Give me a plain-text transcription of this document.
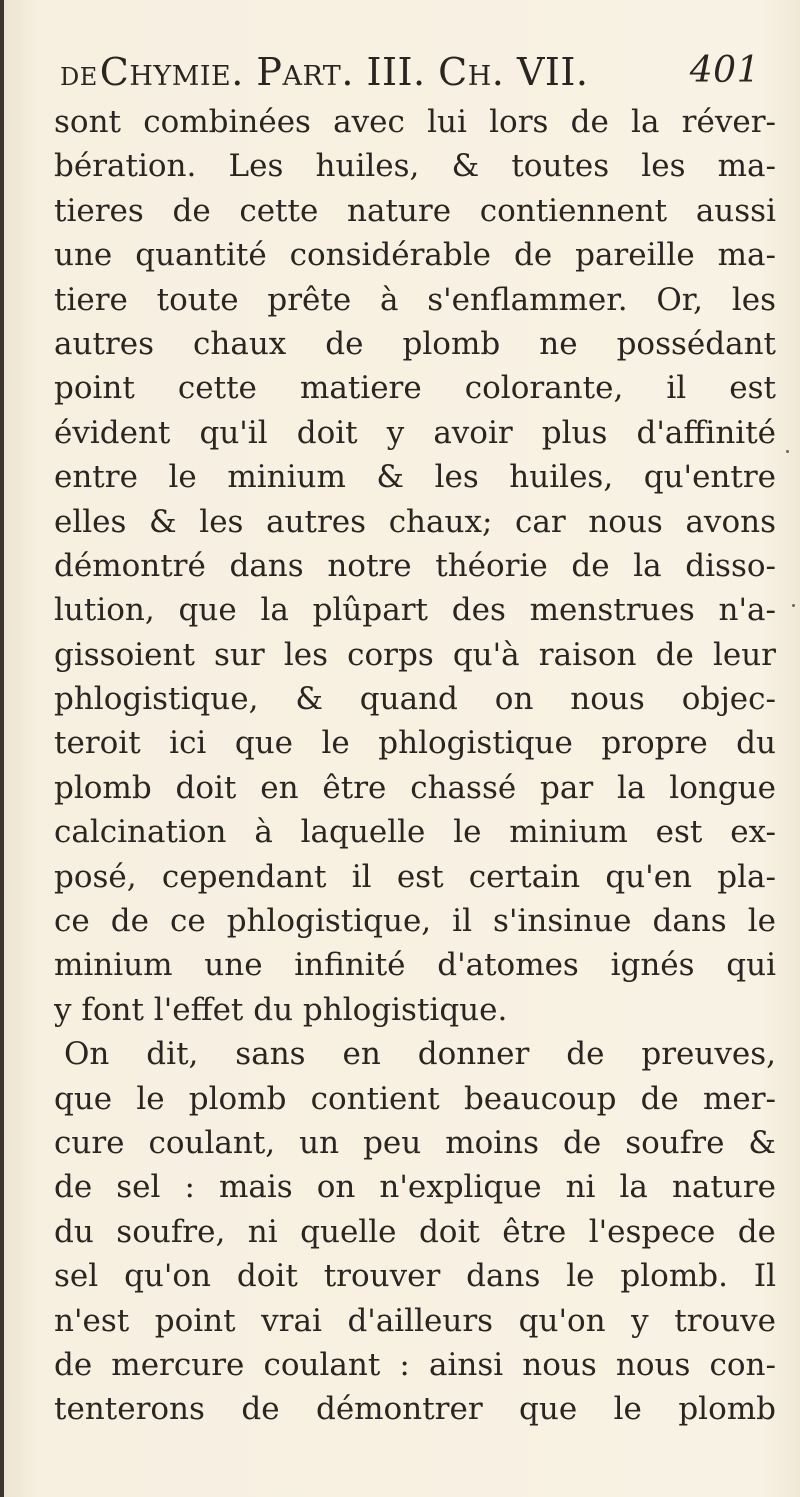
DE Chymie. Part. III. Ch. VII.	401
sont combinées avec lui lors de la réver-
bération. Les huiles, & toutes les ma-
tieres de cette nature contiennent aussi
une quantité considérable de pareille ma-
tiere toute prête à s'enflammer. Or, les
autres chaux de plomb ne possédant
point cette matiere colorante, il est
évident qu'il doit y avoir plus d'affinité
entre le minium & les huiles, qu'entre
elles & les autres chaux; car nous avons
démontré dans notre théorie de la disso-
lution, que la plûpart des menstrues n'a-
gissoient sur les corps qu'à raison de leur
phlogistique, & quand on nous objec-
teroit ici que le phlogistique propre du
plomb doit en être chassé par la longue
calcination à laquelle le minium est ex-
posé, cependant il est certain qu'en pla-
ce de ce phlogistique, il s'insinue dans le
minium une infinité d'atomes ignés qui
y font l'effet du phlogistique.
On dit, sans en donner de preuves,
que le plomb contient beaucoup de mer-
cure coulant, un peu moins de soufre &
de sel : mais on n'explique ni la nature
du soufre, ni quelle doit être l'espece de
sel qu'on doit trouver dans le plomb. Il
n'est point vrai d'ailleurs qu'on y trouve
de mercure coulant : ainsi nous nous con-
tenterons de démontrer que le plomb
